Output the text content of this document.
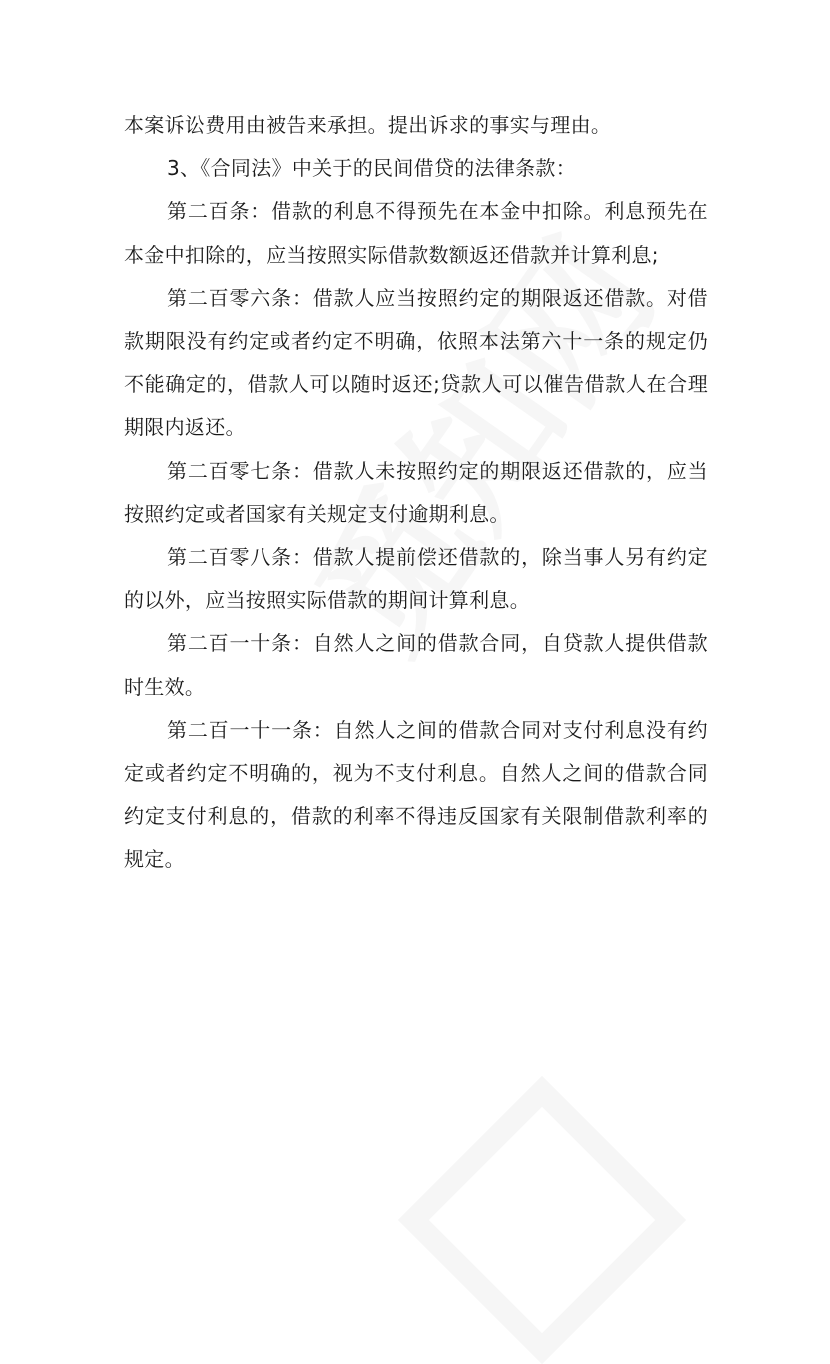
本案诉讼费用由被告来承担。提出诉求的事实与理由。

3、《合同法》中关于的民间借贷的法律条款：

第二百条：借款的利息不得预先在本金中扣除。利息预先在本金中扣除的，应当按照实际借款数额返还借款并计算利息;

第二百零六条：借款人应当按照约定的期限返还借款。对借款期限没有约定或者约定不明确，依照本法第六十一条的规定仍不能确定的，借款人可以随时返还;贷款人可以催告借款人在合理期限内返还。

第二百零七条：借款人未按照约定的期限返还借款的，应当按照约定或者国家有关规定支付逾期利息。

第二百零八条：借款人提前偿还借款的，除当事人另有约定的以外，应当按照实际借款的期间计算利息。

第二百一十条：自然人之间的借款合同，自贷款人提供借款时生效。

第二百一十一条：自然人之间的借款合同对支付利息没有约定或者约定不明确的，视为不支付利息。自然人之间的借款合同约定支付利息的，借款的利率不得违反国家有关限制借款利率的规定。
